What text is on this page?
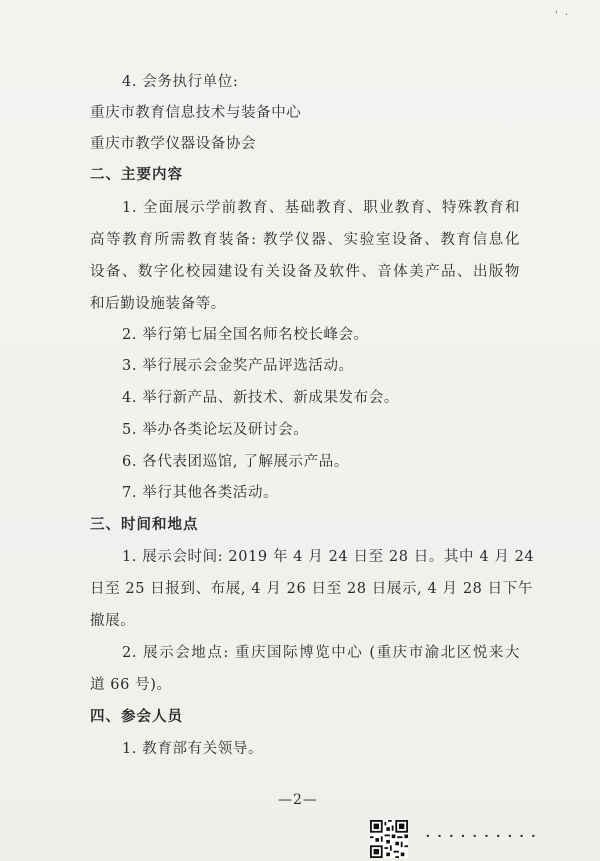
' ·
4. 会务执行单位:
重庆市教育信息技术与装备中心
重庆市教学仪器设备协会
二、主要内容
1. 全面展示学前教育、基础教育、职业教育、特殊教育和
高等教育所需教育装备: 教学仪器、实验室设备、教育信息化
设备、数字化校园建设有关设备及软件、音体美产品、出版物
和后勤设施装备等。
2. 举行第七届全国名师名校长峰会。
3. 举行展示会金奖产品评选活动。
4. 举行新产品、新技术、新成果发布会。
5. 举办各类论坛及研讨会。
6. 各代表团巡馆, 了解展示产品。
7. 举行其他各类活动。
三、时间和地点
1. 展示会时间: 2019 年 4 月 24 日至 28 日。其中 4 月 24
日至 25 日报到、布展, 4 月 26 日至 28 日展示, 4 月 28 日下午
撤展。
2. 展示会地点: 重庆国际博览中心 (重庆市渝北区悦来大
道 66 号)。
四、参会人员
1. 教育部有关领导。
—2—
··········
